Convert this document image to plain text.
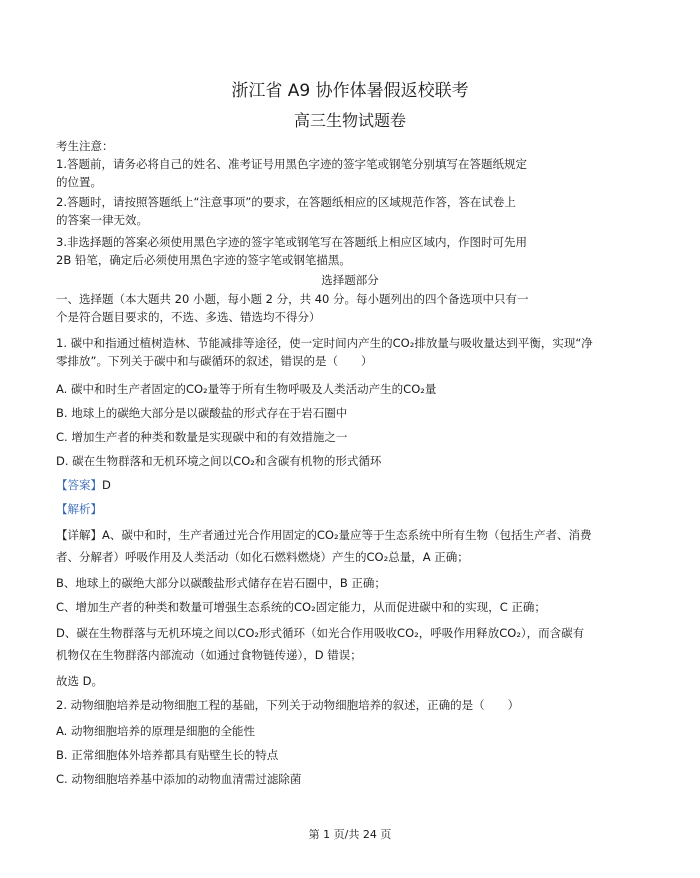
浙江省 A9 协作体暑假返校联考
高三生物试题卷
考生注意：
1.答题前，请务必将自己的姓名、准考证号用黑色字迹的签字笔或钢笔分别填写在答题纸规定
的位置。
2.答题时，请按照答题纸上“注意事项”的要求，在答题纸相应的区域规范作答，答在试卷上
的答案一律无效。
3.非选择题的答案必须使用黑色字迹的签字笔或钢笔写在答题纸上相应区域内，作图时可先用
2B 铅笔，确定后必须使用黑色字迹的签字笔或钢笔描黑。
选择题部分
一、选择题（本大题共 20 小题，每小题 2 分，共 40 分。每小题列出的四个备选项中只有一
个是符合题目要求的，不选、多选、错选均不得分）
1. 碳中和指通过植树造林、节能减排等途径，使一定时间内产生的CO₂排放量与吸收量达到平衡，实现“净
零排放”。下列关于碳中和与碳循环的叙述，错误的是（　　）
A. 碳中和时生产者固定的CO₂量等于所有生物呼吸及人类活动产生的CO₂量
B. 地球上的碳绝大部分是以碳酸盐的形式存在于岩石圈中
C. 增加生产者的种类和数量是实现碳中和的有效措施之一
D. 碳在生物群落和无机环境之间以CO₂和含碳有机物的形式循环
【答案】D
【解析】
【详解】A、碳中和时，生产者通过光合作用固定的CO₂量应等于生态系统中所有生物（包括生产者、消费
者、分解者）呼吸作用及人类活动（如化石燃料燃烧）产生的CO₂总量，A 正确；
B、地球上的碳绝大部分以碳酸盐形式储存在岩石圈中，B 正确；
C、增加生产者的种类和数量可增强生态系统的CO₂固定能力，从而促进碳中和的实现，C 正确；
D、碳在生物群落与无机环境之间以CO₂形式循环（如光合作用吸收CO₂，呼吸作用释放CO₂），而含碳有
机物仅在生物群落内部流动（如通过食物链传递），D 错误；
故选 D。
2. 动物细胞培养是动物细胞工程的基础，下列关于动物细胞培养的叙述，正确的是（　　）
A. 动物细胞培养的原理是细胞的全能性
B. 正常细胞体外培养都具有贴壁生长的特点
C. 动物细胞培养基中添加的动物血清需过滤除菌
第 1 页/共 24 页
